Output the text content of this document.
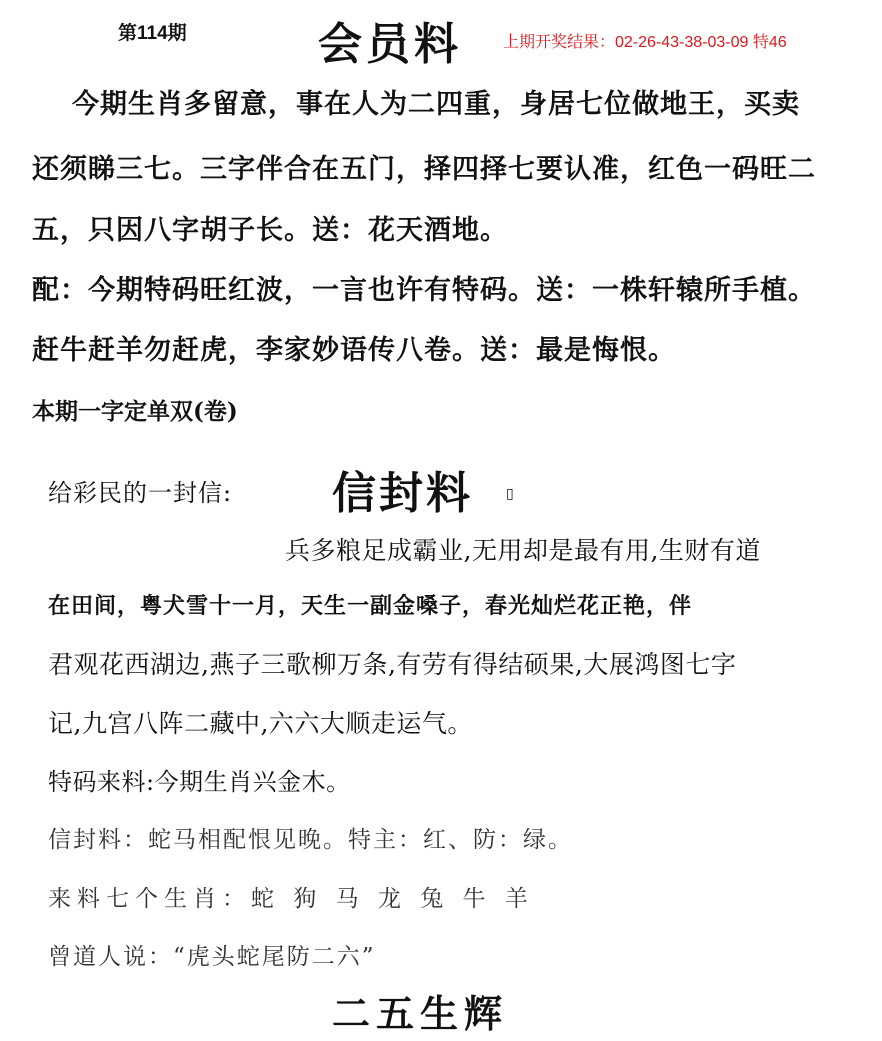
第114期	会员料	上期开奖结果：02-26-43-38-03-09 特46
今期生肖多留意，事在人为二四重，身居七位做地王，买卖
还须睇三七。三字伴合在五门，择四择七要认准，红色一码旺二
五，只因八字胡子长。送：花天酒地。
配：今期特码旺红波，一言也许有特码。送：一株轩辕所手植。
赶牛赶羊勿赶虎，李家妙语传八卷。送：最是悔恨。
本期一字定单双(卷)
给彩民的一封信: 信封料 ▯
兵多粮足成霸业,无用却是最有用,生财有道
在田间，粤犬雪十一月，天生一副金嗓子，春光灿烂花正艳，伴
君观花西湖边,燕子三歌柳万条,有劳有得结硕果,大展鸿图七字
记,九宫八阵二藏中,六六大顺走运气。
特码来料:今期生肖兴金木。
信封料：蛇马相配恨见晚。特主：红、防：绿。
来料七个生肖：蛇 狗 马 龙 兔 牛 羊
曾道人说：“虎头蛇尾防二六”
二五生辉
